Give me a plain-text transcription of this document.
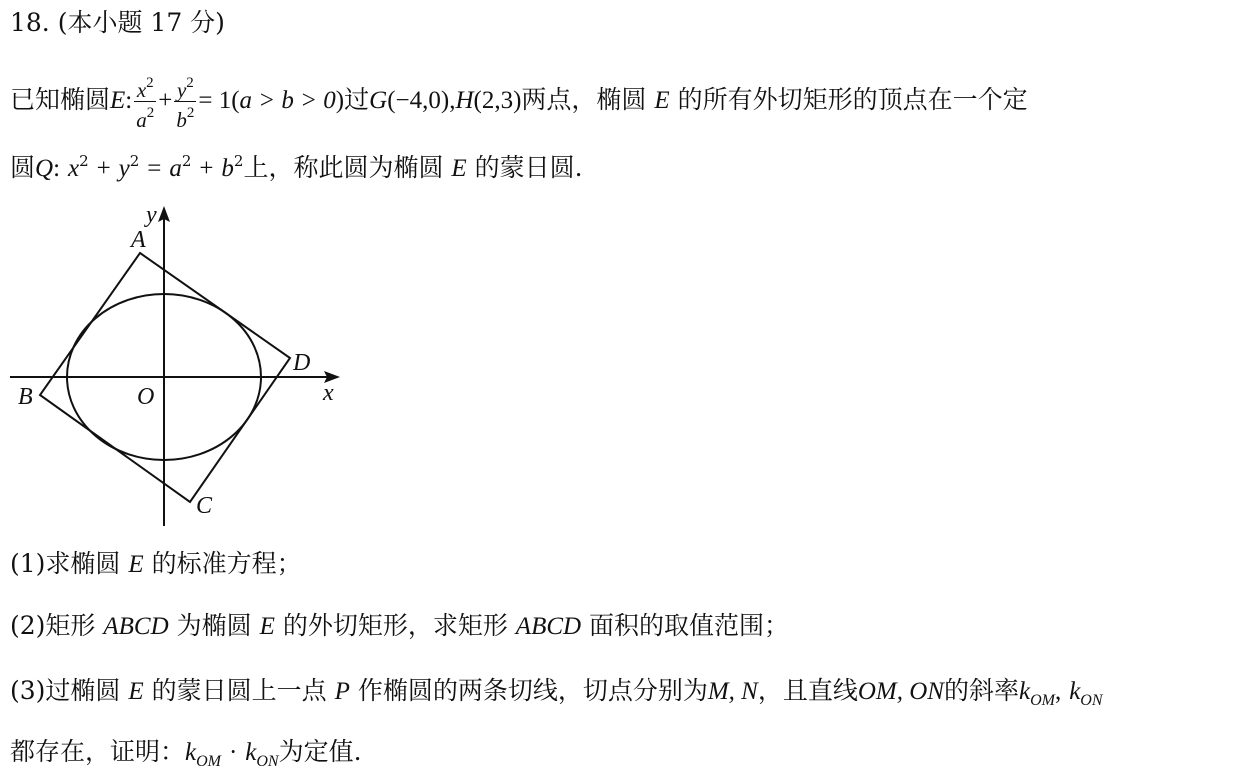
18. (本小题 17 分)
已知椭圆E: $\frac{x^2}{a^2} + \frac{y^2}{b^2} = 1(a > b > 0)$过G(−4,0),H(2,3)两点，椭圆 E 的所有外切矩形的顶点在一个定
圆Q: $x^2 + y^2 = a^2 + b^2$上，称此圆为椭圆 E 的蒙日圆.
y
x
O
A
B
C
D
(1)求椭圆 E 的标准方程；
(2)矩形 ABCD 为椭圆 E 的外切矩形，求矩形 ABCD 面积的取值范围；
(3)过椭圆 E 的蒙日圆上一点 P 作椭圆的两条切线，切点分别为M, N，且直线OM, ON的斜率$k_{OM}$, $k_{ON}$
都存在，证明：$k_{OM} \cdot k_{ON}$为定值.
